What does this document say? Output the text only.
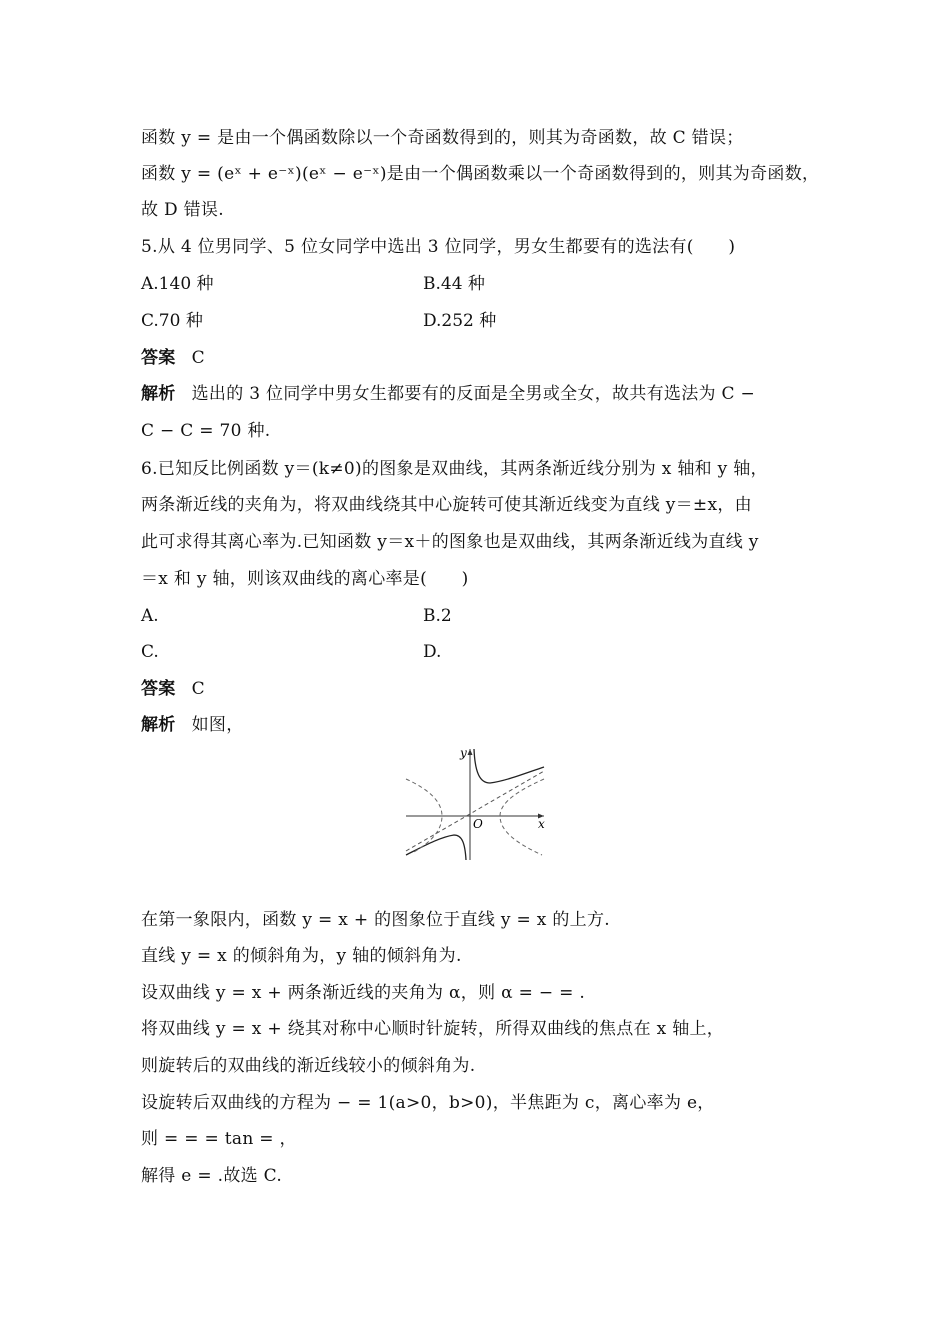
函数 y = 是由一个偶函数除以一个奇函数得到的，则其为奇函数，故 C 错误；
函数 y = (eˣ + e⁻ˣ)(eˣ − e⁻ˣ)是由一个偶函数乘以一个奇函数得到的，则其为奇函数，
故 D 错误.
5.从 4 位男同学、5 位女同学中选出 3 位同学，男女生都要有的选法有(　　)
A.140 种	B.44 种
C.70 种	D.252 种
答案 C
解析 选出的 3 位同学中男女生都要有的反面是全男或全女，故共有选法为 C −
C − C = 70 种.
6.已知反比例函数 y＝(k≠0)的图象是双曲线，其两条渐近线分别为 x 轴和 y 轴，
两条渐近线的夹角为，将双曲线绕其中心旋转可使其渐近线变为直线 y＝±x，由
此可求得其离心率为.已知函数 y＝x＋的图象也是双曲线，其两条渐近线为直线 y
＝x 和 y 轴，则该双曲线的离心率是(　　)
A.	B.2
C.	D.
答案 C
解析 如图，
y
x
O
在第一象限内，函数 y = x + 的图象位于直线 y = x 的上方.
直线 y = x 的倾斜角为，y 轴的倾斜角为.
设双曲线 y = x + 两条渐近线的夹角为 α，则 α = − = .
将双曲线 y = x + 绕其对称中心顺时针旋转，所得双曲线的焦点在 x 轴上，
则旋转后的双曲线的渐近线较小的倾斜角为.
设旋转后双曲线的方程为 − = 1(a>0，b>0)，半焦距为 c，离心率为 e，
则 = = = tan = ，
解得 e = .故选 C.
